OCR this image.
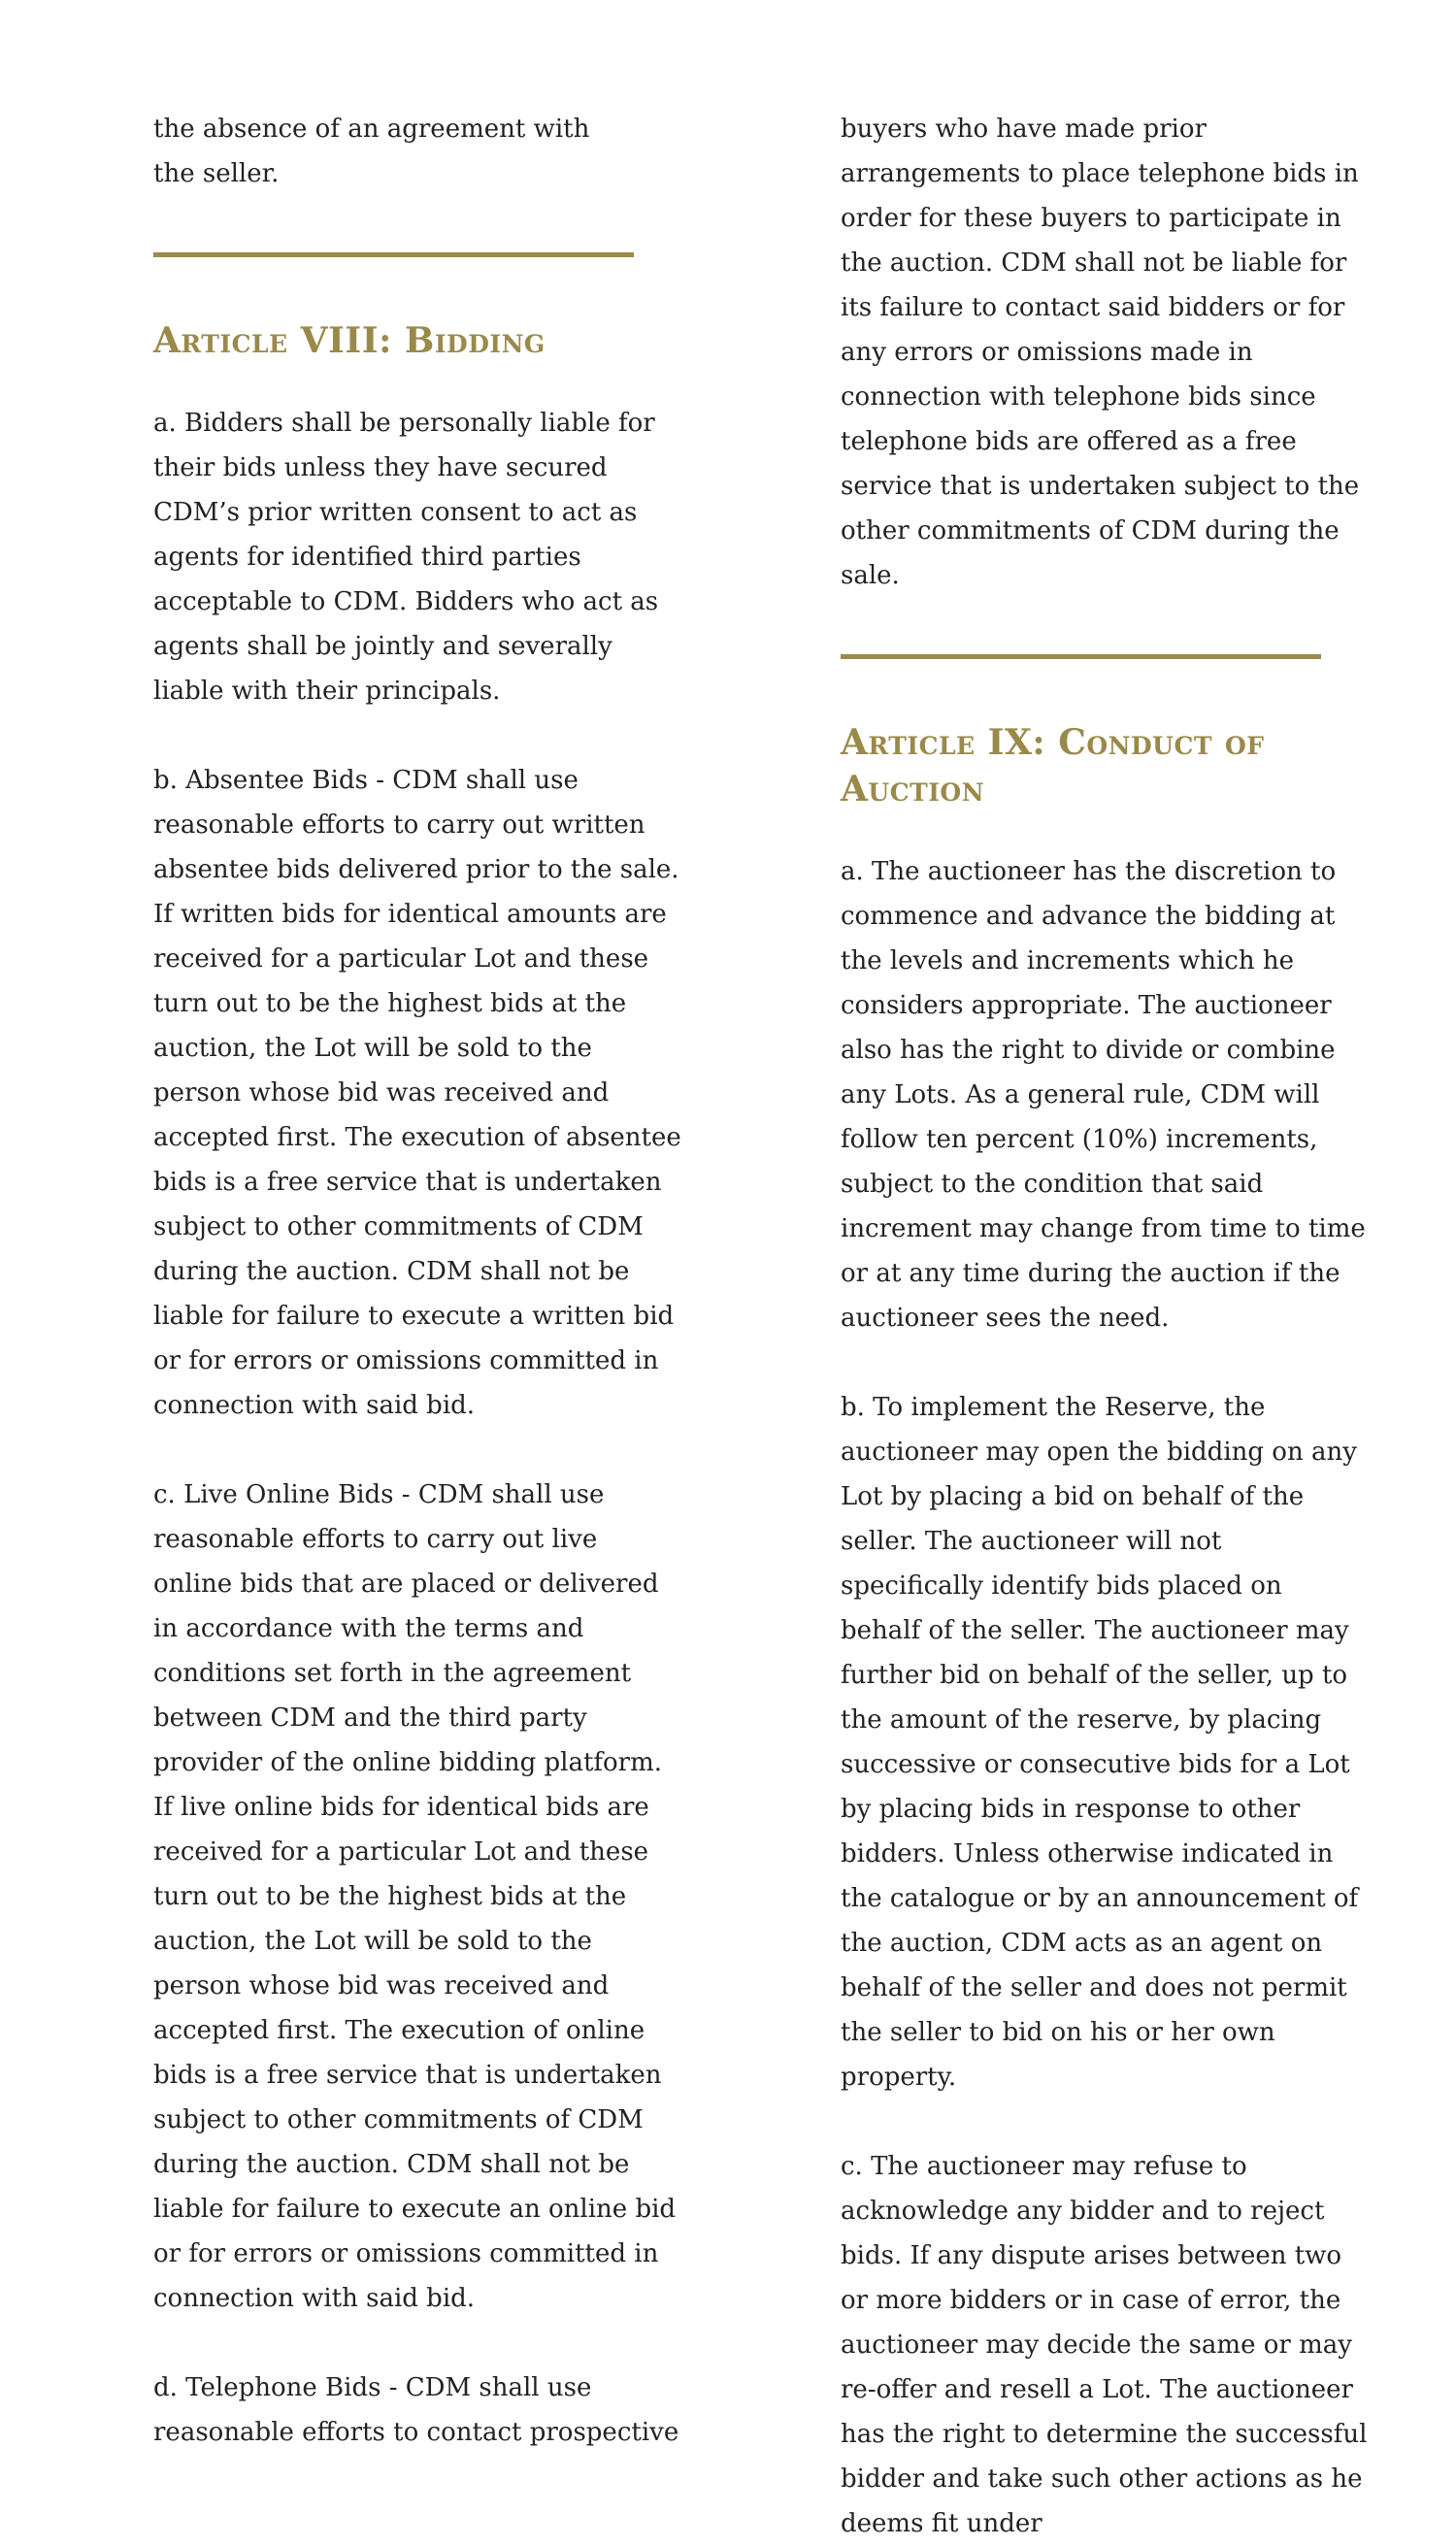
the absence of an agreement with the seller.

Article VIII: Bidding

a. Bidders shall be personally liable for their bids unless they have secured CDM’s prior written consent to act as agents for identified third parties acceptable to CDM. Bidders who act as agents shall be jointly and severally liable with their principals.

b. Absentee Bids - CDM shall use reasonable efforts to carry out written absentee bids delivered prior to the sale. If written bids for identical amounts are received for a particular Lot and these turn out to be the highest bids at the auction, the Lot will be sold to the person whose bid was received and accepted first. The execution of absentee bids is a free service that is undertaken subject to other commitments of CDM during the auction. CDM shall not be liable for failure to execute a written bid or for errors or omissions committed in connection with said bid.

c. Live Online Bids - CDM shall use reasonable efforts to carry out live online bids that are placed or delivered in accordance with the terms and conditions set forth in the agreement between CDM and the third party provider of the online bidding platform. If live online bids for identical bids are received for a particular Lot and these turn out to be the highest bids at the auction, the Lot will be sold to the person whose bid was received and accepted first. The execution of online bids is a free service that is undertaken subject to other commitments of CDM during the auction. CDM shall not be liable for failure to execute an online bid or for errors or omissions committed in connection with said bid.

d. Telephone Bids - CDM shall use reasonable efforts to contact prospective

buyers who have made prior arrangements to place telephone bids in order for these buyers to participate in the auction. CDM shall not be liable for its failure to contact said bidders or for any errors or omissions made in connection with telephone bids since telephone bids are offered as a free service that is undertaken subject to the other commitments of CDM during the sale.

Article IX: Conduct of Auction

a. The auctioneer has the discretion to commence and advance the bidding at the levels and increments which he considers appropriate. The auctioneer also has the right to divide or combine any Lots. As a general rule, CDM will follow ten percent (10%) increments, subject to the condition that said increment may change from time to time or at any time during the auction if the auctioneer sees the need.

b. To implement the Reserve, the auctioneer may open the bidding on any Lot by placing a bid on behalf of the seller. The auctioneer will not specifically identify bids placed on behalf of the seller. The auctioneer may further bid on behalf of the seller, up to the amount of the reserve, by placing successive or consecutive bids for a Lot by placing bids in response to other bidders. Unless otherwise indicated in the catalogue or by an announcement of the auction, CDM acts as an agent on behalf of the seller and does not permit the seller to bid on his or her own property.

c. The auctioneer may refuse to acknowledge any bidder and to reject bids. If any dispute arises between two or more bidders or in case of error, the auctioneer may decide the same or may re-offer and resell a Lot. The auctioneer has the right to determine the successful bidder and take such other actions as he deems fit under
